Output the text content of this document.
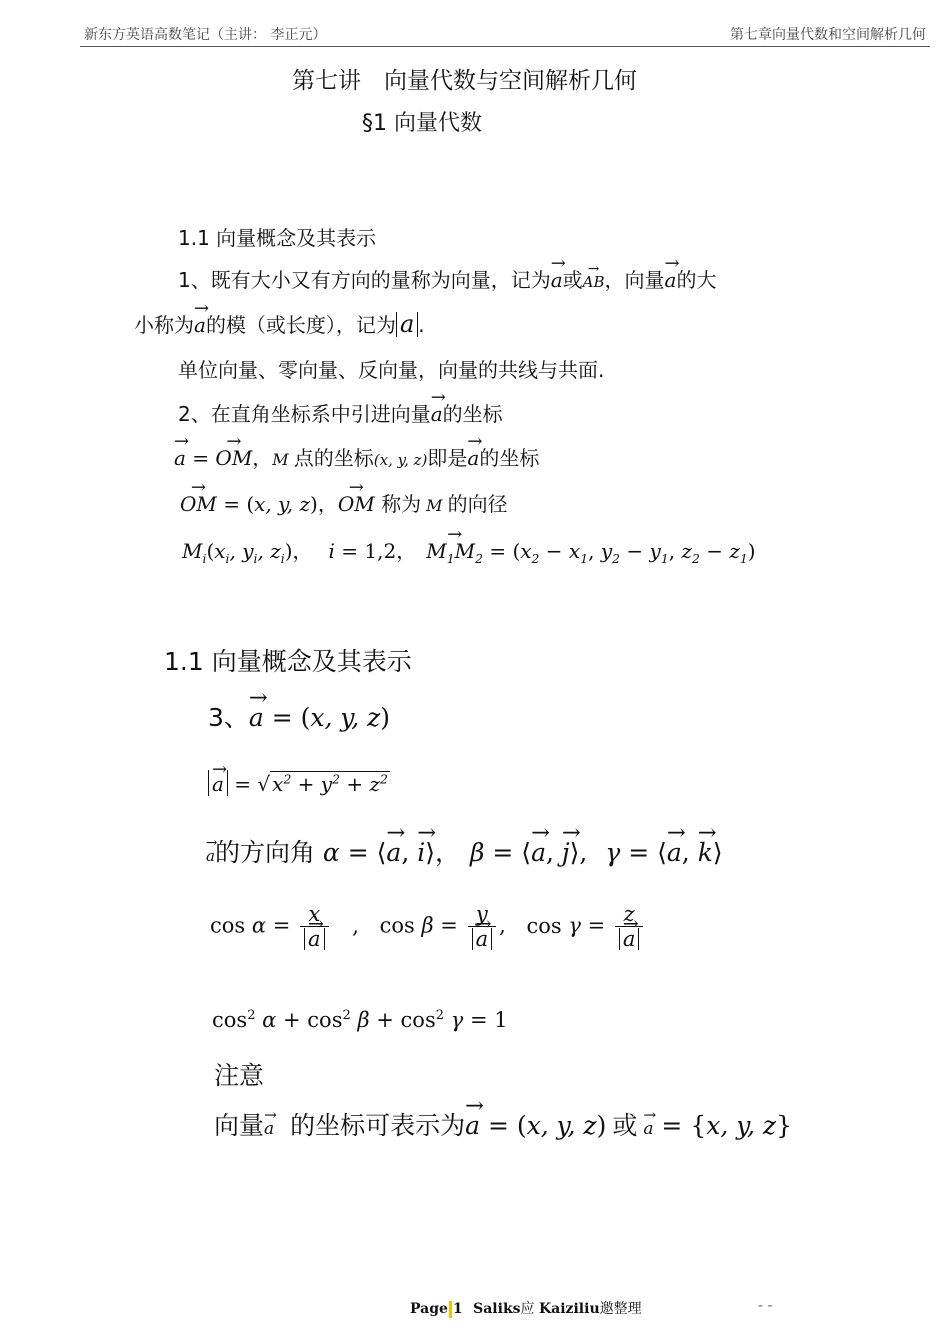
新东方英语高数笔记（主讲： 李正元）	第七章向量代数和空间解析几何
第七讲　向量代数与空间解析几何
§1 向量代数
1.1 向量概念及其表示
1、既有大小又有方向的量称为向量，记为→ a或→ AB，向量→ a的大
小称为→ a的模（或长度），记为 a .
单位向量、零向量、反向量，向量的共线与共面.
2、在直角坐标系中引进向量→ a的坐标
→ a = → OM，M 点的坐标(x, y, z)即是→ a的坐标
→ OM = (x, y, z)，→ OM 称为 M 的向径
$M_i(x_i$, $y_i$, $z_i$)， i = 1,2， → $M_1M_2 = (x_2 - x_1$, $y_2 - y_1$, $z_2 - z_1$)
1.1 向量概念及其表示
3、→ a = (x, y, z)
→ a = √ $x^2 + y^2 + z^2$
→ a的方向角 α = ⟨→ a, → i⟩， β = ⟨→ a, → j⟩, γ = ⟨→ a, → k⟩
cos α = x
→ a , cos β = y
→ a , cos γ = z
→ a
$\cos^2 \alpha + \cos^2 \beta + \cos^2 \gamma = 1$
注意
向量→ a 的坐标可表示为→ a = (x, y, z) 或 → a = {x, y, z}
Page 1 Saliks应 Kaiziliu邀整理	- -
